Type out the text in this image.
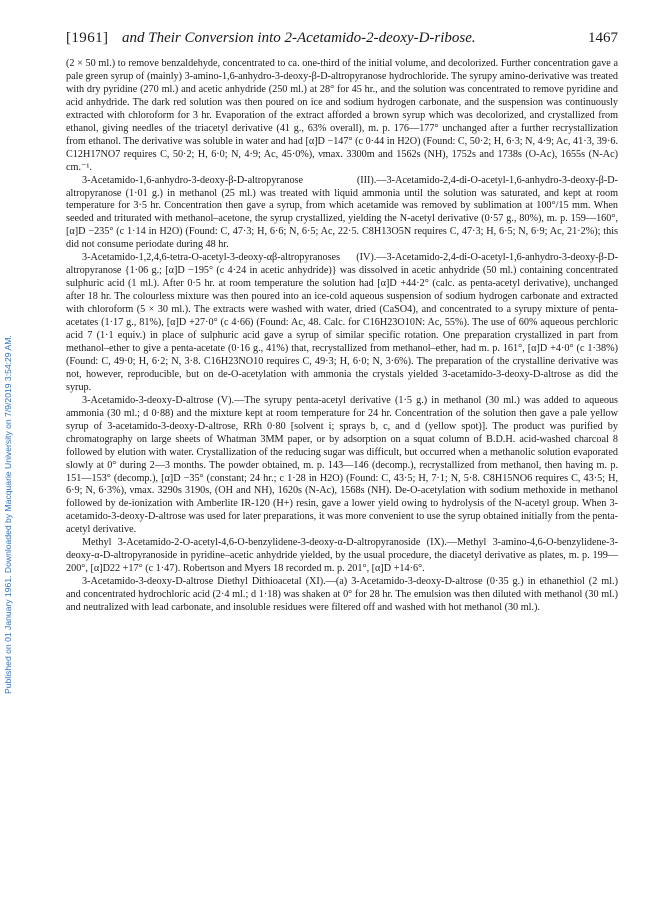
Published on 01 January 1961. Downloaded by Macquarie University on 7/9/2019 3:54:29 AM.
[1961] and Their Conversion into 2-Acetamido-2-deoxy-D-ribose.	1467

(2 × 50 ml.) to remove benzaldehyde, concentrated to ca. one-third of the initial volume, and decolorized. Further concentration gave a pale green syrup of (mainly) 3-amino-1,6-anhydro-3-deoxy-β-D-altropyranose hydrochloride. The syrupy amino-derivative was treated with dry pyridine (270 ml.) and acetic anhydride (250 ml.) at 28° for 45 hr., and the solution was concentrated to remove pyridine and acid anhydride. The dark red solution was then poured on ice and sodium hydrogen carbonate, and the suspension was continuously extracted with chloroform for 3 hr. Evaporation of the extract afforded a brown syrup which was decolorized, and crystallized from ethanol, giving needles of the triacetyl derivative (41 g., 63% overall), m. p. 176—177° unchanged after a further recrystallization from ethanol. The derivative was soluble in water and had [α]D −147° (c 0·44 in H2O) (Found: C, 50·2; H, 6·3; N, 4·9; Ac, 41·3, 39·6. C12H17NO7 requires C, 50·2; H, 6·0; N, 4·9; Ac, 45·0%), νmax. 3300m and 1562s (NH), 1752s and 1738s (O-Ac), 1655s (N-Ac) cm.⁻¹.

3-Acetamido-1,6-anhydro-3-deoxy-β-D-altropyranose (III).—3-Acetamido-2,4-di-O-acetyl-1,6-anhydro-3-deoxy-β-D-altropyranose (1·01 g.) in methanol (25 ml.) was treated with liquid ammonia until the solution was saturated, and kept at room temperature for 3·5 hr. Concentration then gave a syrup, from which acetamide was removed by sublimation at 100°/15 mm. When seeded and triturated with methanol–acetone, the syrup crystallized, yielding the N-acetyl derivative (0·57 g., 80%), m. p. 159—160°, [α]D −235° (c 1·14 in H2O) (Found: C, 47·3; H, 6·6; N, 6·5; Ac, 22·5. C8H13O5N requires C, 47·3; H, 6·5; N, 6·9; Ac, 21·2%); this did not consume periodate during 48 hr.

3-Acetamido-1,2,4,6-tetra-O-acetyl-3-deoxy-αβ-altropyranoses (IV).—3-Acetamido-2,4-di-O-acetyl-1,6-anhydro-3-deoxy-β-D-altropyranose {1·06 g.; [α]D −195° (c 4·24 in acetic anhydride)} was dissolved in acetic anhydride (50 ml.) containing concentrated sulphuric acid (1 ml.). After 0·5 hr. at room temperature the solution had [α]D +44·2° (calc. as penta-acetyl derivative), unchanged after 18 hr. The colourless mixture was then poured into an ice-cold aqueous suspension of sodium hydrogen carbonate and extracted with chloroform (5 × 30 ml.). The extracts were washed with water, dried (CaSO4), and concentrated to a syrupy mixture of penta-acetates (1·17 g., 81%), [α]D +27·0° (c 4·66) (Found: Ac, 48. Calc. for C16H23O10N: Ac, 55%). The use of 60% aqueous perchloric acid 7 (1·1 equiv.) in place of sulphuric acid gave a syrup of similar specific rotation. One preparation crystallized in part from methanol–ether to give a penta-acetate (0·16 g., 41%) that, recrystallized from methanol–ether, had m. p. 161°, [α]D +4·0° (c 1·38%) (Found: C, 49·0; H, 6·2; N, 3·8. C16H23NO10 requires C, 49·3; H, 6·0; N, 3·6%). The preparation of the crystalline derivative was not, however, reproducible, but on de-O-acetylation with ammonia the crystals yielded 3-acetamido-3-deoxy-D-altrose as did the syrup.

3-Acetamido-3-deoxy-D-altrose (V).—The syrupy penta-acetyl derivative (1·5 g.) in methanol (30 ml.) was added to aqueous ammonia (30 ml.; d 0·88) and the mixture kept at room temperature for 24 hr. Concentration of the solution then gave a pale yellow syrup of 3-acetamido-3-deoxy-D-altrose, RRh 0·80 [solvent i; sprays b, c, and d (yellow spot)]. The product was purified by chromatography on large sheets of Whatman 3MM paper, or by adsorption on a squat column of B.D.H. acid-washed charcoal 8 followed by elution with water. Crystallization of the reducing sugar was difficult, but occurred when a methanolic solution evaporated slowly at 0° during 2—3 months. The powder obtained, m. p. 143—146 (decomp.), recrystallized from methanol, then having m. p. 151—153° (decomp.), [α]D −35° (constant; 24 hr.; c 1·28 in H2O) (Found: C, 43·5; H, 7·1; N, 5·8. C8H15NO6 requires C, 43·5; H, 6·9; N, 6·3%), νmax. 3290s 3190s, (OH and NH), 1620s (N-Ac), 1568s (NH). De-O-acetylation with sodium methoxide in methanol followed by de-ionization with Amberlite IR-120 (H+) resin, gave a lower yield owing to hydrolysis of the N-acetyl group. When 3-acetamido-3-deoxy-D-altrose was used for later preparations, it was more convenient to use the syrup obtained initially from the penta-acetyl derivative.

Methyl 3-Acetamido-2-O-acetyl-4,6-O-benzylidene-3-deoxy-α-D-altropyranoside (IX).—Methyl 3-amino-4,6-O-benzylidene-3-deoxy-α-D-altropyranoside in pyridine–acetic anhydride yielded, by the usual procedure, the diacetyl derivative as plates, m. p. 199—200°, [α]D22 +17° (c 1·47). Robertson and Myers 18 recorded m. p. 201°, [α]D +14·6°.

3-Acetamido-3-deoxy-D-altrose Diethyl Dithioacetal (XI).—(a) 3-Acetamido-3-deoxy-D-altrose (0·35 g.) in ethanethiol (2 ml.) and concentrated hydrochloric acid (2·4 ml.; d 1·18) was shaken at 0° for 28 hr. The emulsion was then diluted with methanol (30 ml.) and neutralized with lead carbonate, and insoluble residues were filtered off and washed with hot methanol (30 ml.).
